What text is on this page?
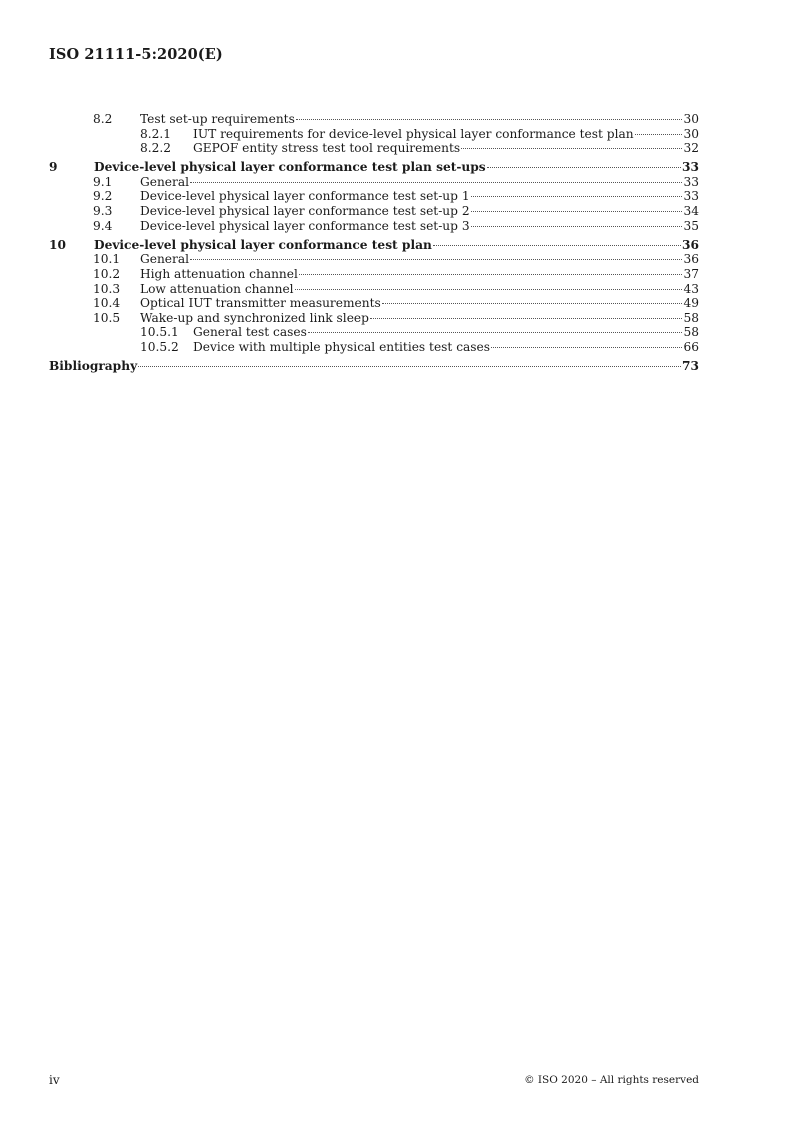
ISO 21111-5:2020(E)
8.2	Test set-up requirements	30
8.2.1	IUT requirements for device-level physical layer conformance test plan	30
8.2.2	GEPOF entity stress test tool requirements	32
9	Device-level physical layer conformance test plan set-ups	33
9.1	General	33
9.2	Device-level physical layer conformance test set-up 1	33
9.3	Device-level physical layer conformance test set-up 2	34
9.4	Device-level physical layer conformance test set-up 3	35
10	Device-level physical layer conformance test plan	36
10.1	General	36
10.2	High attenuation channel	37
10.3	Low attenuation channel	43
10.4	Optical IUT transmitter measurements	49
10.5	Wake-up and synchronized link sleep	58
10.5.1	General test cases	58
10.5.2	Device with multiple physical entities test cases	66
Bibliography	73
iv	© ISO 2020 – All rights reserved
